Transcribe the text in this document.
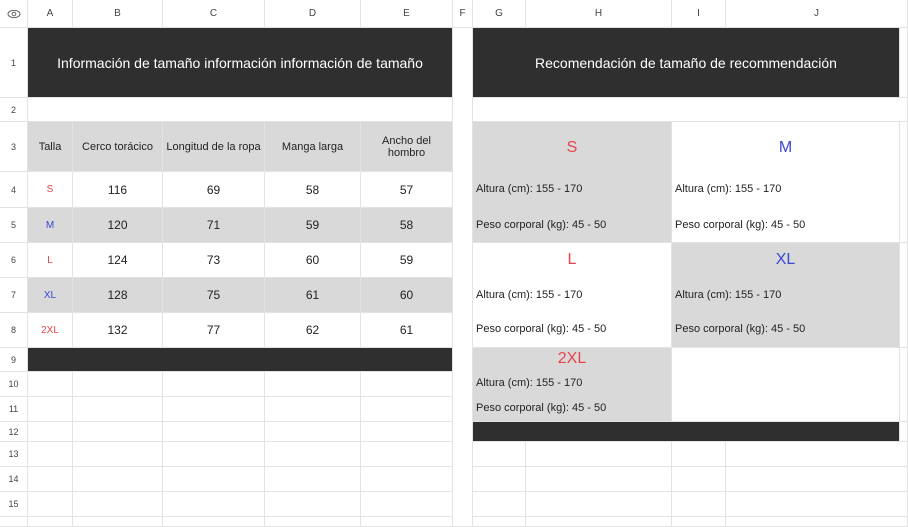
A	B	C	D	E	F	G	H	I	J
1
2
3
4
5
6
7
8
9
10
11
12
13
14
15
Información de tamaño información información de tamaño	Recomendación de tamaño de recommendación
Talla	Cerco torácico	Longitud de la ropa	Manga larga	Ancho del hombro
S	116	69	58	57
M	120	71	59	58
L	124	73	60	59
XL	128	75	61	60
2XL	132	77	62	61
S
Altura (cm): 155 - 170
Peso corporal (kg): 45 - 50
M
Altura (cm): 155 - 170
Peso corporal (kg): 45 - 50
L
Altura (cm): 155 - 170
Peso corporal (kg): 45 - 50
XL
Altura (cm): 155 - 170
Peso corporal (kg): 45 - 50
2XL
Altura (cm): 155 - 170
Peso corporal (kg): 45 - 50
